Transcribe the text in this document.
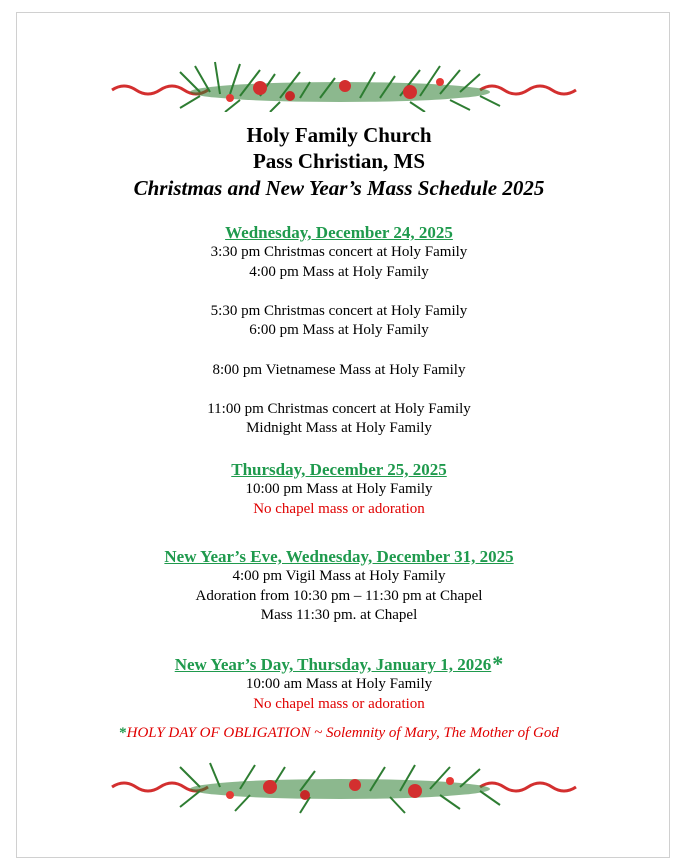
Holy Family Church

Pass Christian, MS

Christmas and New Year’s Mass Schedule 2025

Wednesday, December 24, 2025

3:30 pm Christmas concert at Holy Family

4:00 pm Mass at Holy Family

5:30 pm Christmas concert at Holy Family

6:00 pm Mass at Holy Family

8:00 pm Vietnamese Mass at Holy Family

11:00 pm Christmas concert at Holy Family

Midnight Mass at Holy Family

Thursday, December 25, 2025

10:00 pm Mass at Holy Family

No chapel mass or adoration

New Year’s Eve, Wednesday, December 31, 2025

4:00 pm Vigil Mass at Holy Family

Adoration from 10:30 pm – 11:30 pm at Chapel

Mass 11:30 pm. at Chapel

New Year’s Day, Thursday, January 1, 2026*

10:00 am Mass at Holy Family

No chapel mass or adoration

*HOLY DAY OF OBLIGATION ~ Solemnity of Mary, The Mother of God
